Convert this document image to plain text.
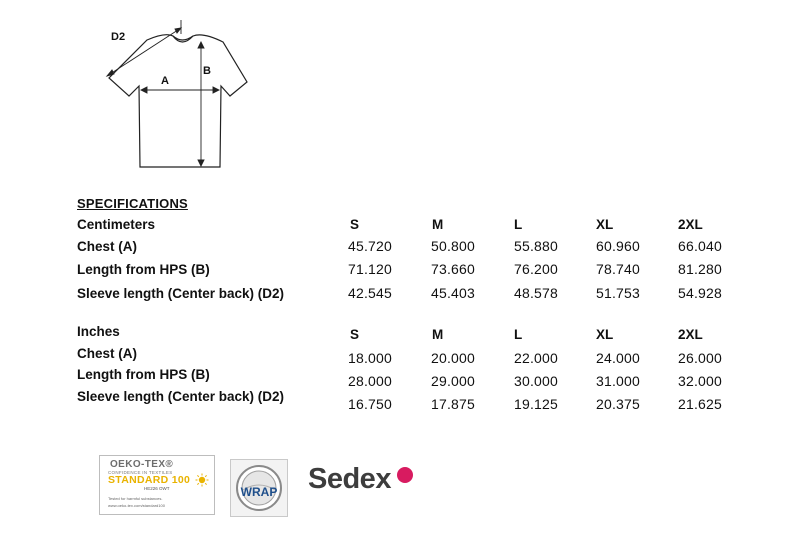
D2
A
B
SPECIFICATIONS
Centimeters	S	M	L	XL	2XL
Chest (A)	45.720	50.800	55.880	60.960	66.040
Length from HPS (B)	71.120	73.660	76.200	78.740	81.280
Sleeve length (Center back) (D2)	42.545	45.403	48.578	51.753	54.928
Inches	S	M	L	XL	2XL
Chest (A)	18.000	20.000	22.000	24.000	26.000
Length from HPS (B)	28.000	29.000	30.000	31.000	32.000
Sleeve length (Center back) (D2)	16.750	17.875	19.125	20.375	21.625
OEKO-TEX®
CONFIDENCE IN TEXTILES
STANDARD 100
HE226 OWT
Tested for harmful substances.
www.oeko-tex.com/standard100
WRAP Sedex
